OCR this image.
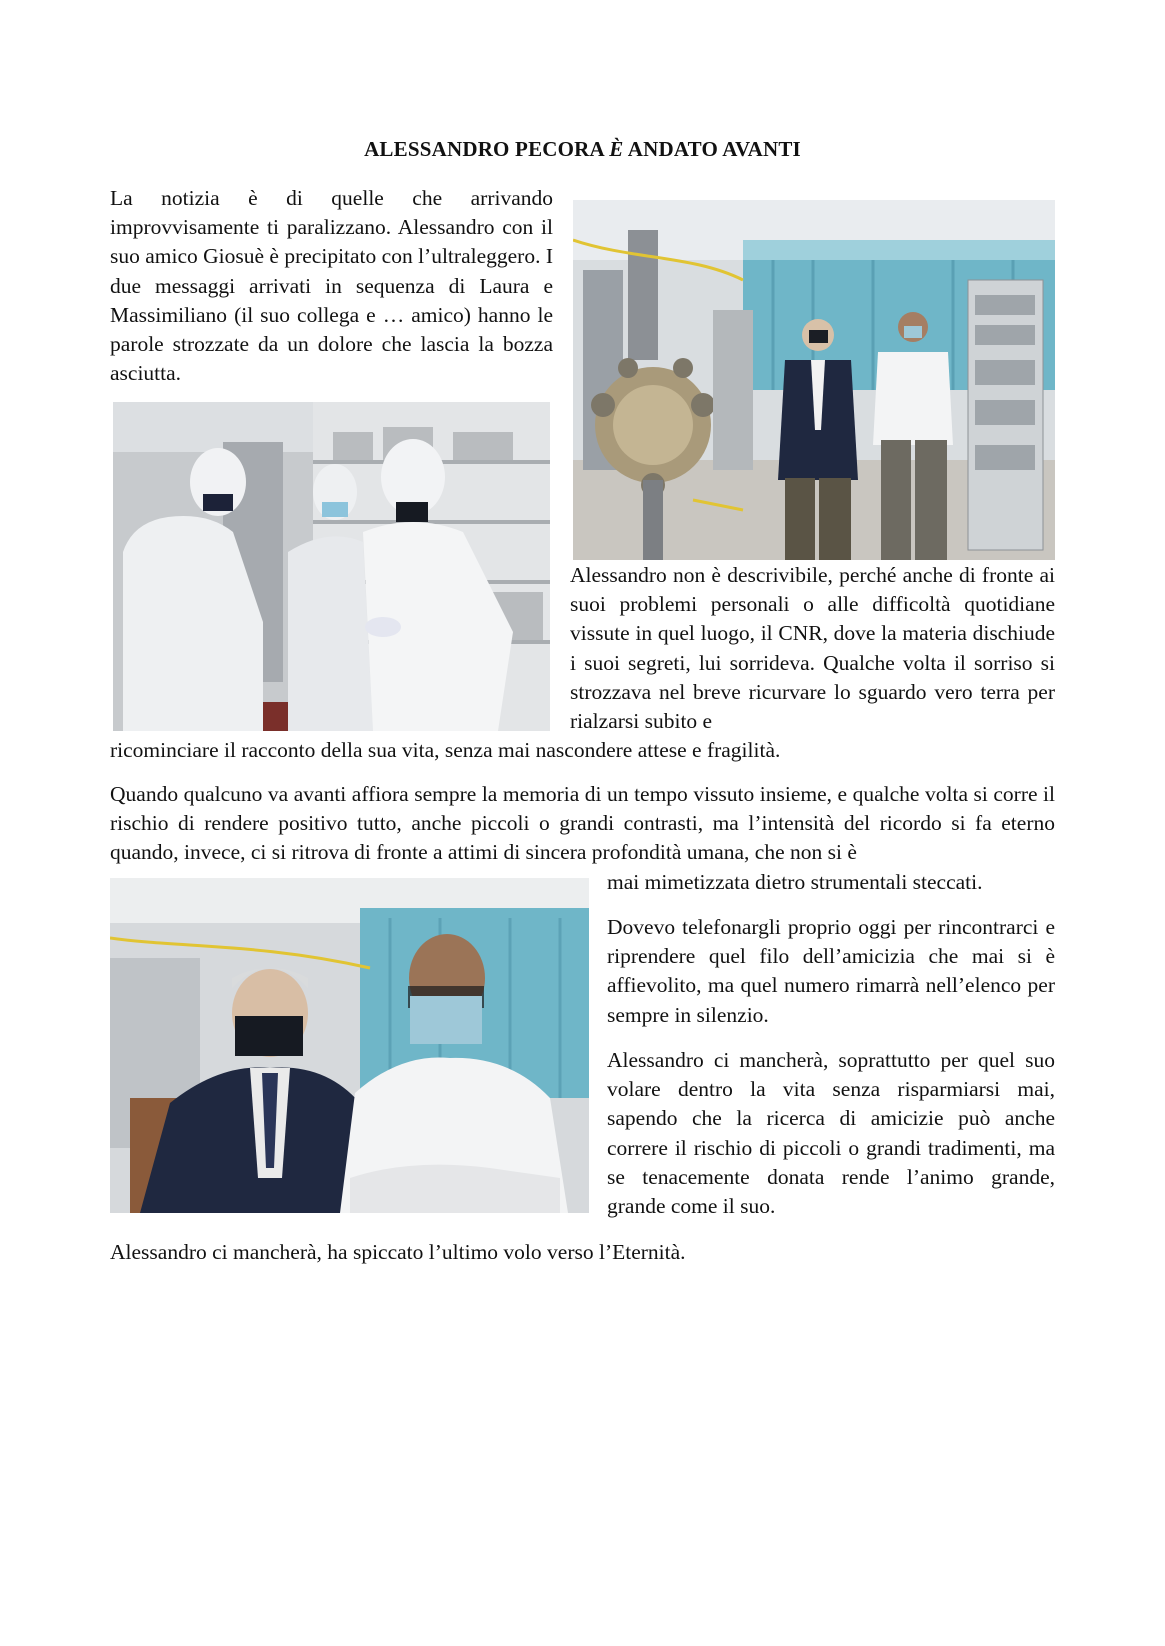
ALESSANDRO PECORA È ANDATO AVANTI

La notizia è di quelle che arrivando improvvisamente ti paralizzano. Alessandro con il suo amico Giosuè è precipitato con l’ultraleggero. I due messaggi arrivati in sequenza di Laura e Massimiliano (il suo collega e … amico) hanno le parole strozzate da un dolore che lascia la bozza asciutta.

Alessandro non è descrivibile, perché anche di fronte ai suoi problemi personali o alle difficoltà quotidiane vissute in quel luogo, il CNR, dove la materia dischiude i suoi segreti, lui sorrideva. Qualche volta il sorriso si strozzava nel breve ricurvare lo sguardo vero terra per rialzarsi subito e

ricominciare il racconto della sua vita, senza mai nascondere attese e fragilità.

Quando qualcuno va avanti affiora sempre la memoria di un tempo vissuto insieme, e qualche volta si corre il rischio di rendere positivo tutto, anche piccoli o grandi contrasti, ma l’intensità del ricordo si fa eterno quando, invece, ci si ritrova di fronte a attimi di sincera profondità umana, che non si è

mai mimetizzata dietro strumentali steccati.

Dovevo telefonargli proprio oggi per rincontrarci e riprendere quel filo dell’amicizia che mai si è affievolito, ma quel numero rimarrà nell’elenco per sempre in silenzio.

Alessandro ci mancherà, soprattutto per quel suo volare dentro la vita senza risparmiarsi mai, sapendo che la ricerca di amicizie può anche correre il rischio di piccoli o grandi tradimenti, ma se tenacemente donata rende l’animo grande, grande come il suo.

Alessandro ci mancherà, ha spiccato l’ultimo volo verso l’Eternità.
